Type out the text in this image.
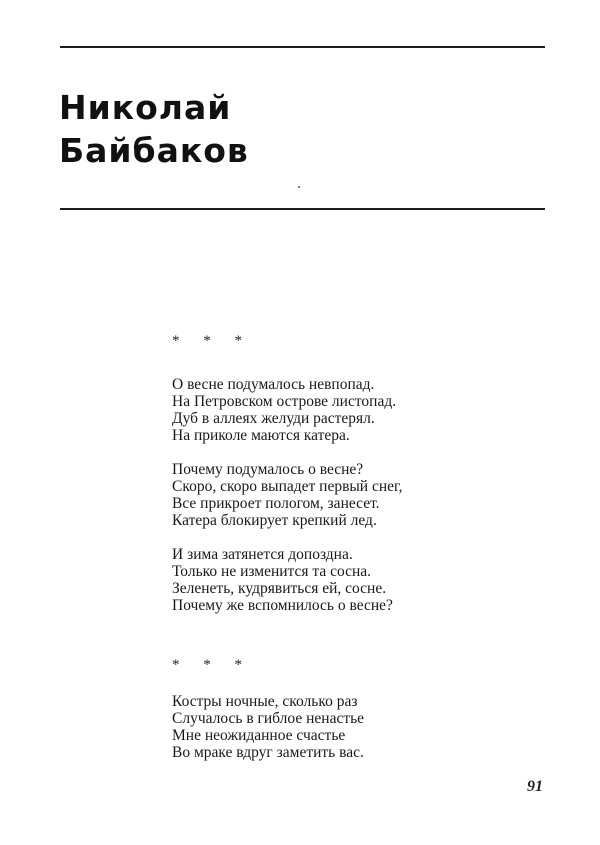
Николай
Байбаков
* * *
О весне подумалось невпопад.
На Петровском острове листопад.
Дуб в аллеях желуди растерял.
На приколе маются катера.
Почему подумалось о весне?
Скоро, скоро выпадет первый снег,
Все прикроет пологом, занесет.
Катера блокирует крепкий лед.
И зима затянется допоздна.
Только не изменится та сосна.
Зеленеть, кудрявиться ей, сосне.
Почему же вспомнилось о весне?
* * *
Костры ночные, сколько раз
Случалось в гиблое ненастье
Мне неожиданное счастье
Во мраке вдруг заметить вас.
91
